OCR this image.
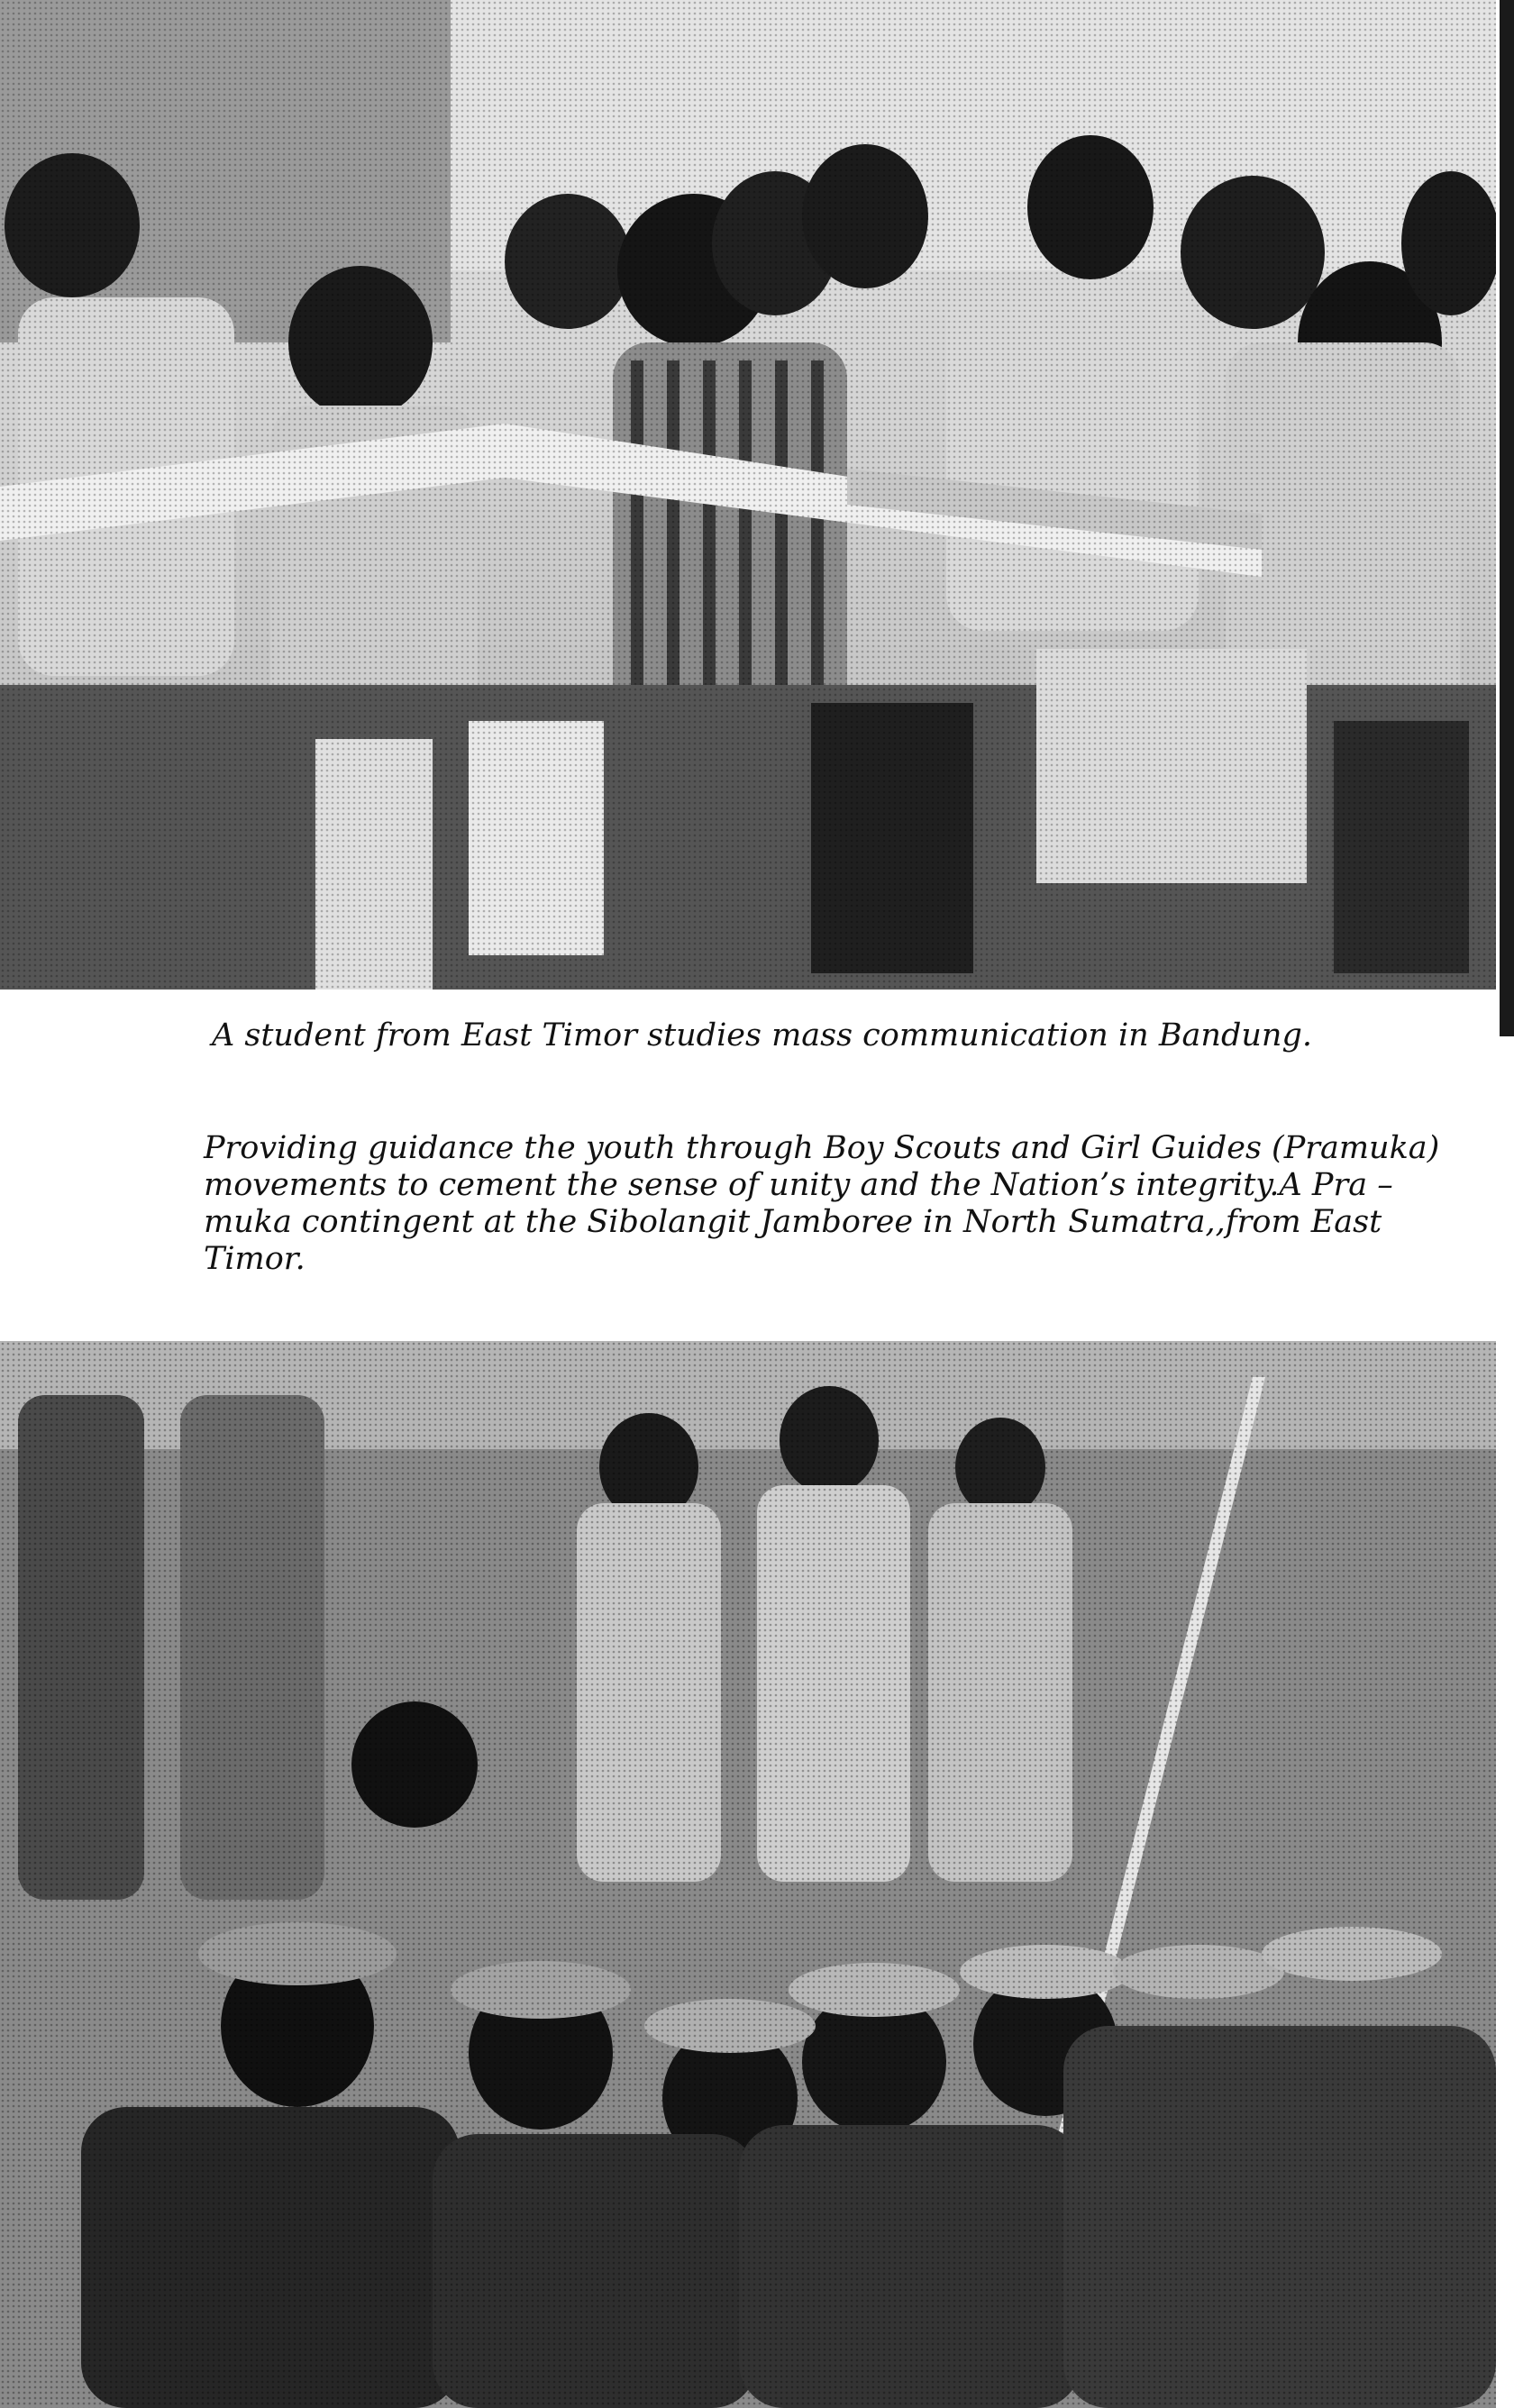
A student from East Timor studies mass communication in Bandung.

Providing guidance the youth through Boy Scouts and Girl Guides (Pramuka)
movements to cement the sense of unity and the Nation’s integrity.A Pra –
muka contingent at the Sibolangit Jamboree in North Sumatra,,from East
Timor.
